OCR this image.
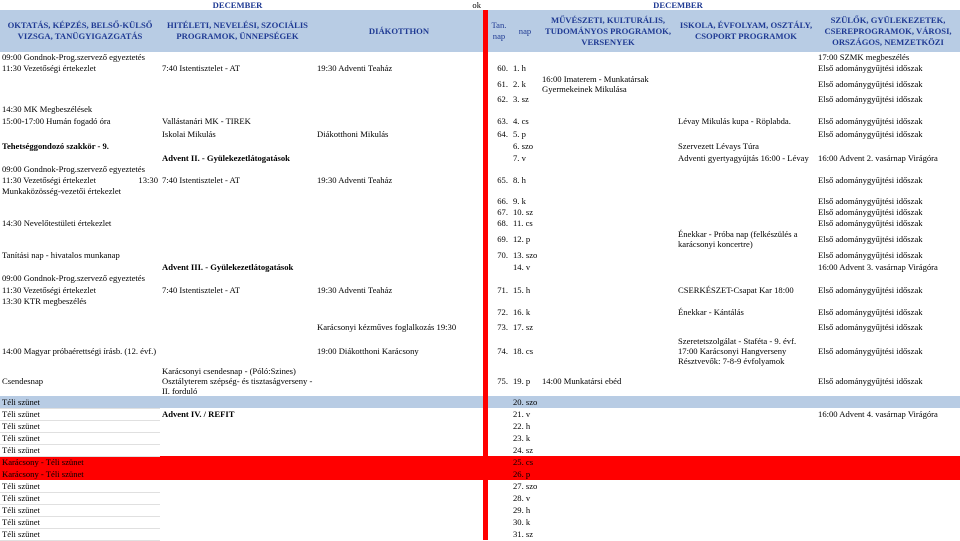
	DECEMBER	ok				DECEMBER		
OKTATÁS, KÉPZÉS, BELSŐ-KÜLSŐ VIZSGA, TANÜGYIGAZGATÁS	HITÉLETI, NEVELÉSI, SZOCIÁLIS PROGRAMOK, ÜNNEPSÉGEK	DIÁKOTTHON		Tan. nap	nap	MŰVÉSZETI, KULTURÁLIS, TUDOMÁNYOS PROGRAMOK, VERSENYEK	ISKOLA, ÉVFOLYAM, OSZTÁLY, CSOPORT PROGRAMOK	SZÜLŐK, GYÜLEKEZETEK, CSEREPROGRAMOK, VÁROSI, ORSZÁGOS, NEMZETKÖZI
09:00 Gondnok-Prog.szervező egyeztetés								17:00 SZMK megbeszélés
11:30 Vezetőségi értekezlet	7:40 Istentisztelet - AT	19:30 Adventi Teaház		60.	1. h			Első adománygyűjtési időszak
				61.	2. k	16:00 Imaterem - Munkatársak Gyermekeinek Mikulása		Első adománygyűjtési időszak
				62.	3. sz			Első adománygyűjtési időszak
14:30 MK Megbeszélések								
15:00-17:00 Humán fogadó óra	Vallástanári MK - TIREK			63.	4. cs		Lévay Mikulás kupa - Röplabda.	Első adománygyűjtési időszak
	Iskolai Mikulás	Diákotthoni Mikulás		64.	5. p			Első adománygyűjtési időszak
Tehetséggondozó szakkör - 9.					6. szo		Szervezett Lévays Túra	
	Advent II. - Gyülekezetlátogatások				7. v		Adventi gyertyagyújtás 16:00 - Lévay	16:00 Advent 2. vasárnap Virágóra
09:00 Gondnok-Prog.szervező egyeztetés								
11:30 Vezetőségi értekezlet 13:30	7:40 Istentisztelet - AT	19:30 Adventi Teaház		65.	8. h			Első adománygyűjtési időszak
Munkaközösség-vezetői értekezlet								
				66.	9. k			Első adománygyűjtési időszak
				67.	10. sz			Első adománygyűjtési időszak
14:30 Nevelőtestületi értekezlet				68.	11. cs			Első adománygyűjtési időszak
				69.	12. p		Énekkar - Próba nap (felkészülés a karácsonyi koncertre)	Első adománygyűjtési időszak
Tanítási nap - hivatalos munkanap				70.	13. szo			Első adománygyűjtési időszak
	Advent III. - Gyülekezetlátogatások				14. v			16:00 Advent 3. vasárnap Virágóra
09:00 Gondnok-Prog.szervező egyeztetés								
11:30 Vezetőségi értekezlet	7:40 Istentisztelet - AT	19:30 Adventi Teaház		71.	15. h		CSERKÉSZET-Csapat Kar 18:00	Első adománygyűjtési időszak
13:30 KTR megbeszélés								
				72.	16. k		Énekkar - Kántálás	Első adománygyűjtési időszak
		Karácsonyi kézműves foglalkozás 19:30		73.	17. sz			Első adománygyűjtési időszak
14:00 Magyar próbaérettségi írásb. (12. évf.)		19:00 Diákotthoni Karácsony		74.	18. cs		Szeretetszolgálat - Staféta - 9. évf. 17:00 Karácsonyi Hangverseny Résztvevők: 7-8-9 évfolyamok	Első adománygyűjtési időszak
Csendesnap	Karácsonyi csendesnap - (Póló:Szines) Osztályterem szépség- és tisztaságverseny - II. forduló			75.	19. p	14:00 Munkatársi ebéd		Első adománygyűjtési időszak
Téli szünet					20. szo			
Téli szünet	Advent IV. / REFIT				21. v			16:00 Advent 4. vasárnap Virágóra
Téli szünet					22. h			
Téli szünet					23. k			
Téli szünet					24. sz			
Karácsony - Téli szünet					25. cs			
Karácsony - Téli szünet					26. p			
Téli szünet					27. szo			
Téli szünet					28. v			
Téli szünet					29. h			
Téli szünet					30. k			
Téli szünet					31. sz			
